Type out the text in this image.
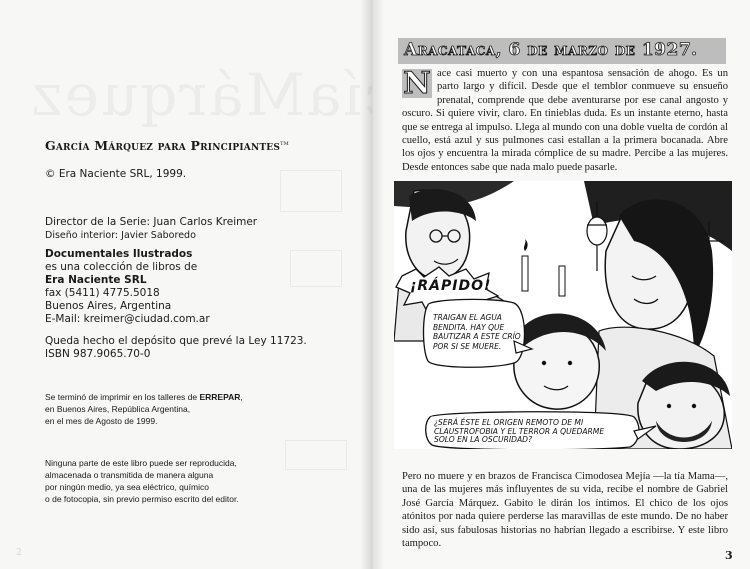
García Márquez para Principiantes$^{tm}$

© Era Naciente SRL, 1999.

Director de la Serie: Juan Carlos Kreimer

Diseño interior: Javier Saboredo

Documentales Ilustrados

es una colección de libros de

Era Naciente SRL

fax (5411) 4775.5018

Buenos Aires, Argentina

E-Mail: kreimer@ciudad.com.ar

Queda hecho el depósito que prevé la Ley 11723.

ISBN 987.9065.70-0

Se terminó de imprimir en los talleres de ERREPAR,

en Buenos Aires, República Argentina,

en el mes de Agosto de 1999.

Ninguna parte de este libro puede ser reproducida,

almacenada o transmitida de manera alguna

por ningún medio, ya sea eléctrico, químico

o de fotocopia, sin previo permiso escrito del editor.

2
Aracataca, 6 de marzo de 1927.

N ace casi muerto y con una espantosa sensación de ahogo. Es un parto largo y difícil. Desde que el temblor conmueve su ensueño prenatal, comprende que debe aventurarse por ese canal angosto y oscuro. Si quiere vivir, claro. En tinieblas duda. Es un instante eterno, hasta que se entrega al impulso. Llega al mundo con una doble vuelta de cordón al cuello, está azul y sus pulmones casi estallan a la primera bocanada. Abre los ojos y encuentra la mirada cómplice de su madre. Percibe a las mujeres. Desde entonces sabe que nada malo puede pasarle.

¡RÁPIDO!

TRAIGAN EL AGUA BENDITA. HAY QUE BAUTIZAR A ESTE CRÍO POR SI SE MUERE.

¿SERÁ ÉSTE EL ORIGEN REMOTO DE MI CLAUSTROFOBIA Y EL TERROR A QUEDARME SOLO EN LA OSCURIDAD?

Pero no muere y en brazos de Francisca Cimodosea Mejía —la tía Mama—, una de las mujeres más influyentes de su vida, recibe el nombre de Gabriel José García Márquez. Gabito le dirán los íntimos. El chico de los ojos atónitos por nada quiere perderse las maravillas de este mundo. De no haber sido así, sus fabulosas historias no habrían llegado a escribirse. Y este libro tampoco.

3
